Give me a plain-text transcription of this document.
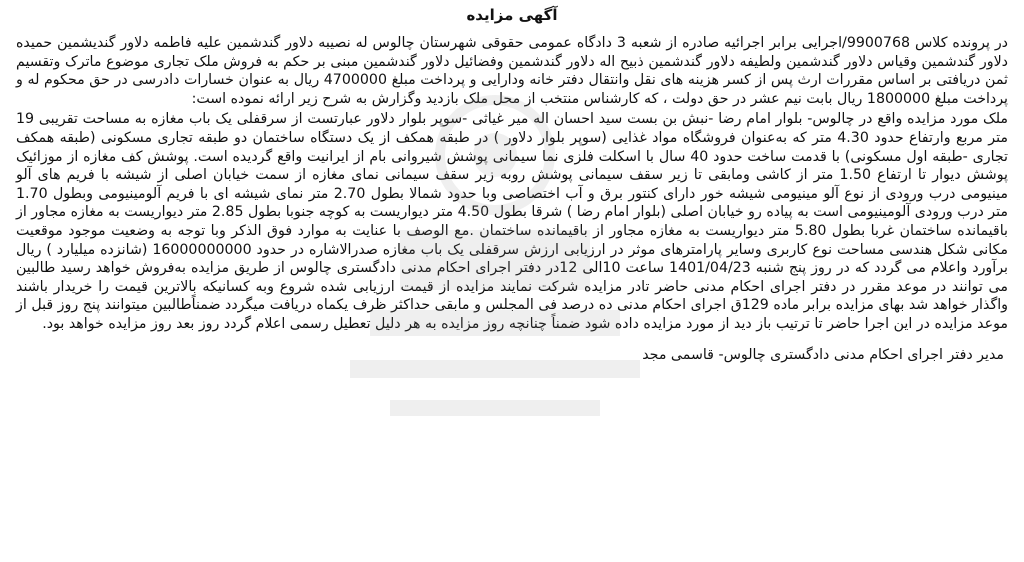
آگهی مزایده

در پرونده کلاس 9900768/اجرایی برابر اجرائیه صادره از شعبه 3 دادگاه عمومی حقوقی شهرستان چالوس له نصیبه دلاور گندشمین علیه فاطمه دلاور گندیشمین حمیده دلاور گندشمین وقیاس دلاور گندشمین ولطیفه دلاور گندشمین ذبیح اله دلاور گندشمین وفضائیل دلاور گندشمین مبنی بر حکم به فروش ملک تجاری موضوع ماترک وتقسیم ثمن دریافتی بر اساس مقررات ارث پس از کسر هزینه های نقل وانتقال دفتر خانه ودارایی و پرداخت مبلغ 4700000 ریال به عنوان خسارات دادرسی در حق محکوم له و پرداخت مبلغ 1800000 ریال بابت نیم عشر در حق دولت ، که کارشناس منتخب از محل ملک بازدید وگزارش به شرح زیر ارائه نموده است:

ملک مورد مزایده واقع در چالوس- بلوار امام رضا -نبش بن بست سید احسان اله میر غیاثی -سوپر بلوار دلاور عبارتست از سرقفلی یک باب مغازه به مساحت تقریبی 19 متر مربع وارتفاع حدود 4.30 متر که به‌عنوان فروشگاه مواد غذایی (سوپر بلوار دلاور ) در طبقه همکف از یک دستگاه ساختمان دو طبقه تجاری مسکونی (طبقه همکف تجاری -طبقه اول مسکونی) با قدمت ساخت حدود 40 سال با اسکلت فلزی نما سیمانی پوشش شیروانی بام از ایرانیت واقع گردیده است. پوشش کف مغازه از موزائیک پوشش دیوار تا ارتفاع 1.50 متر از کاشی ومابقی تا زیر سقف سیمانی پوشش روبه زیر سقف سیمانی نمای مغازه از سمت خیابان اصلی از شیشه با فریم های آلو مینیومی درب ورودی از نوع آلو مینیومی شیشه خور دارای کنتور برق و آب اختصاصی وبا حدود شمالا بطول 2.70 متر نمای شیشه ای با فریم آلومینیومی وبطول 1.70 متر درب ورودی آلومینیومی است به پیاده رو خیابان اصلی (بلوار امام رضا ) شرقا بطول 4.50 متر دیواریست به کوچه جنوبا بطول 2.85 متر دیواریست به مغازه مجاور از باقیمانده ساختمان غربا بطول 5.80 متر دیواریست به مغازه مجاور از باقیمانده ساختمان .مع الوصف با عنایت به موارد فوق الذکر وبا توجه به وضعیت موجود موقعیت مکانی شکل هندسی مساحت نوع کاربری وسایر پارامترهای موثر در ارزیابی ارزش سرقفلی یک باب مغازه صدرالاشاره در حدود 16000000000 (شانزده میلیارد ) ریال برآورد واعلام می گردد که در روز پنج شنبه 1401/04/23 ساعت 10الی 12در دفتر اجرای احکام مدنی دادگستری چالوس از طریق مزایده به‌فروش خواهد رسید طالبین می توانند در موعد مقرر در دفتر اجرای احکام مدنی حاضر تادر مزایده شرکت نمایند مزایده از قیمت ارزیابی شده شروع وبه کسانیکه بالاترین قیمت را خریدار باشند واگذار خواهد شد بهای مزایده برابر ماده 129ق اجرای احکام مدنی ده درصد فی المجلس و مابقی حداکثر ظرف یکماه دریافت میگردد ضمناًطالبین میتوانند پنج روز قبل از موعد مزایده در این اجرا حاضر تا ترتیب باز دید از مورد مزایده داده شود ضمناً چنانچه روز مزایده به هر دلیل تعطیل رسمی اعلام گردد روز بعد روز مزایده خواهد بود.

مدیر دفتر اجرای احکام مدنی دادگستری چالوس- قاسمی مجد
